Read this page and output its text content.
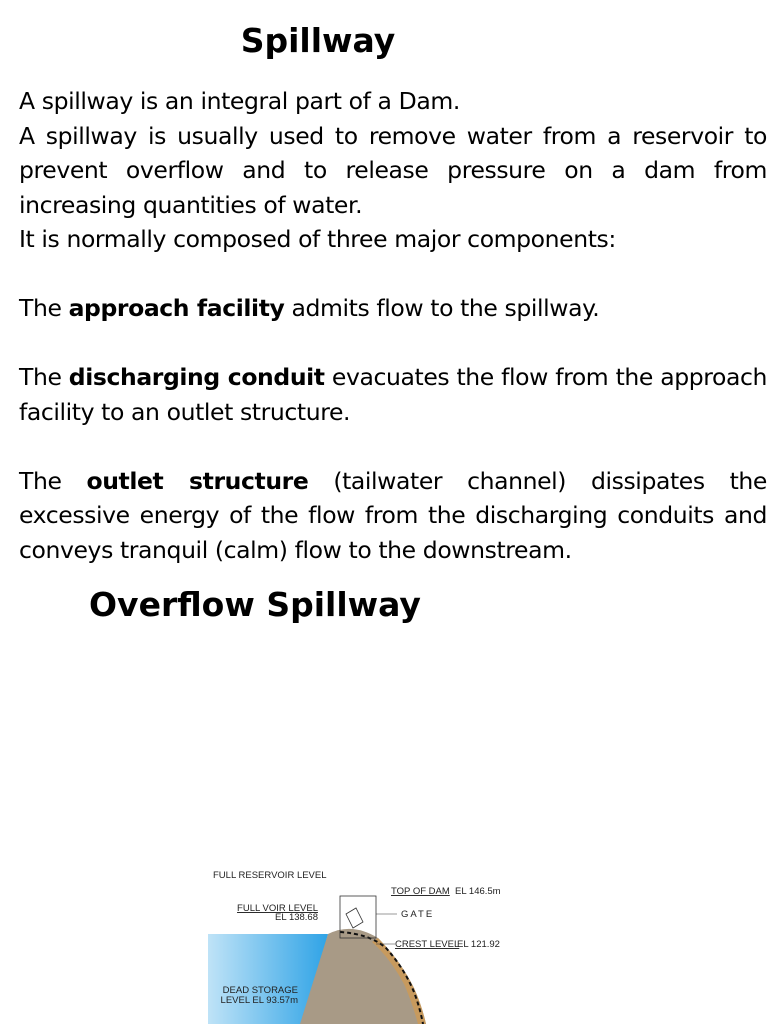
Spillway

A spillway is an integral part of a Dam.

A spillway is usually used to remove water from a reservoir to prevent overflow and to release pressure on a dam from increasing quantities of water.

It is normally composed of three major components:

The approach facility admits flow to the spillway.

The discharging conduit evacuates the flow from the approach facility to an outlet structure.

The outlet structure (tailwater channel) dissipates the excessive energy of the flow from the discharging conduits and conveys tranquil (calm) flow to the downstream.

Overflow Spillway
FULL RESERVOIR LEVEL
TOP OF DAM EL 146.5m
FULL VOIR LEVEL
EL 138.68	GATE
CREST LEVEL
EL 121.92
DEAD STORAGE
LEVEL EL 93.57m
